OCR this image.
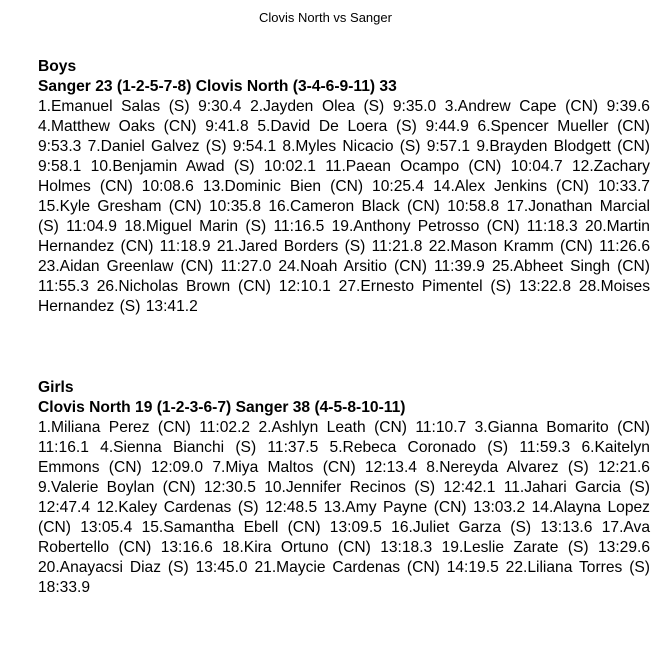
Clovis North vs Sanger

Boys

Sanger 23 (1-2-5-7-8) Clovis North (3-4-6-9-11) 33

1.Emanuel Salas (S) 9:30.4 2.Jayden Olea (S) 9:35.0 3.Andrew Cape (CN) 9:39.6 4.Matthew Oaks (CN) 9:41.8 5.David De Loera (S) 9:44.9 6.Spencer Mueller (CN) 9:53.3 7.Daniel Galvez (S) 9:54.1 8.Myles Nicacio (S) 9:57.1 9.Brayden Blodgett (CN) 9:58.1 10.Benjamin Awad (S) 10:02.1 11.Paean Ocampo (CN) 10:04.7 12.Zachary Holmes (CN) 10:08.6 13.Dominic Bien (CN) 10:25.4 14.Alex Jenkins (CN) 10:33.7 15.Kyle Gresham (CN) 10:35.8 16.Cameron Black (CN) 10:58.8 17.Jonathan Marcial (S) 11:04.9 18.Miguel Marin (S) 11:16.5 19.Anthony Petrosso (CN) 11:18.3 20.Martin Hernandez (CN) 11:18.9 21.Jared Borders (S) 11:21.8 22.Mason Kramm (CN) 11:26.6 23.Aidan Greenlaw (CN) 11:27.0 24.Noah Arsitio (CN) 11:39.9 25.Abheet Singh (CN) 11:55.3 26.Nicholas Brown (CN) 12:10.1 27.Ernesto Pimentel (S) 13:22.8 28.Moises Hernandez (S) 13:41.2

Girls

Clovis North 19 (1-2-3-6-7) Sanger 38 (4-5-8-10-11)

1.Miliana Perez (CN) 11:02.2 2.Ashlyn Leath (CN) 11:10.7 3.Gianna Bomarito (CN) 11:16.1 4.Sienna Bianchi (S) 11:37.5 5.Rebeca Coronado (S) 11:59.3 6.Kaitelyn Emmons (CN) 12:09.0 7.Miya Maltos (CN) 12:13.4 8.Nereyda Alvarez (S) 12:21.6 9.Valerie Boylan (CN) 12:30.5 10.Jennifer Recinos (S) 12:42.1 11.Jahari Garcia (S) 12:47.4 12.Kaley Cardenas (S) 12:48.5 13.Amy Payne (CN) 13:03.2 14.Alayna Lopez (CN) 13:05.4 15.Samantha Ebell (CN) 13:09.5 16.Juliet Garza (S) 13:13.6 17.Ava Robertello (CN) 13:16.6 18.Kira Ortuno (CN) 13:18.3 19.Leslie Zarate (S) 13:29.6 20.Anayacsi Diaz (S) 13:45.0 21.Maycie Cardenas (CN) 14:19.5 22.Liliana Torres (S) 18:33.9
